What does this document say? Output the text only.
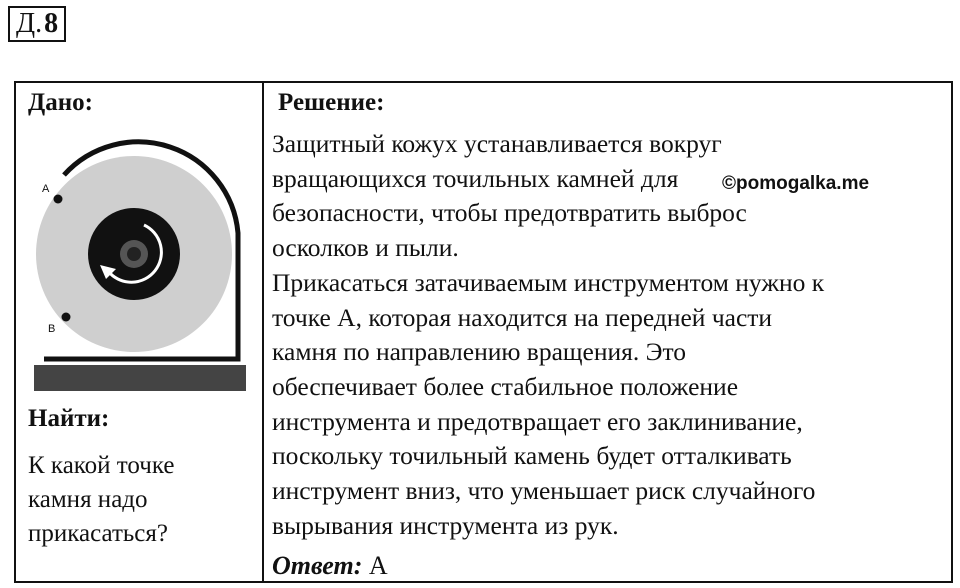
Д. 8
Дано:
A
B
Найти:
К какой точке
камня надо
прикасаться?
Решение:
Защитный кожух устанавливается вокруг
вращающихся точильных камней для
безопасности, чтобы предотвратить выброс
осколков и пыли.
Прикасаться затачиваемым инструментом нужно к
точке А, которая находится на передней части
камня по направлению вращения. Это
обеспечивает более стабильное положение
инструмента и предотвращает его заклинивание,
поскольку точильный камень будет отталкивать
инструмент вниз, что уменьшает риск случайного
вырывания инструмента из рук.
Ответ: А
©pomogalka.me
